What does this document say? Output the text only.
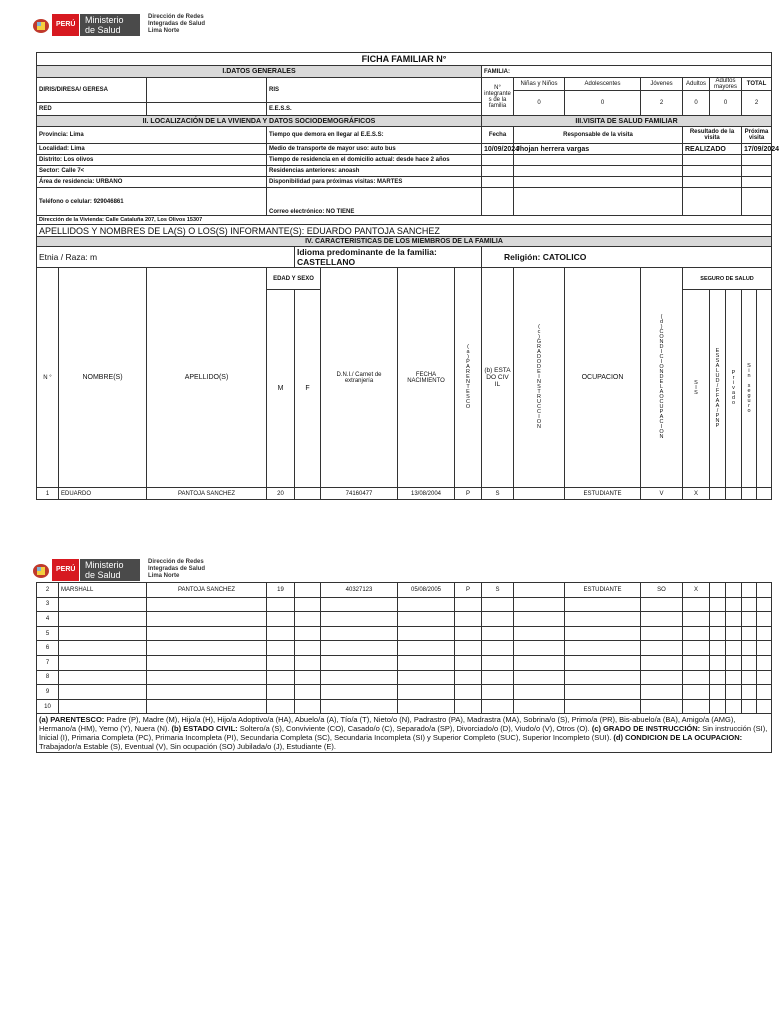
PERÚ	Ministerio
de Salud
Dirección de Redes
Integradas de Salud
Lima Norte
FICHA FAMILIAR N°																
I.DATOS GENERALES								FAMILIA:								
DIRIS/DIRESA/ GERESA			RIS					N° integrante s de la familia	Niñas y Niños	Adolescentes	Jóvenes	Adultos	Adultos mayores		TOTAL	
									0	0	2	0	0		2	
RED			E.E.S.S.													

II. LOCALIZACIÓN DE LA VIVIENDA Y DATOS SOCIODEMOGRÁFICOS								III.VISITA DE SALUD FAMILIAR								
Provincia: Lima			Tiempo que demora en llegar al E.E.S.S:					Fecha	Responsable de la visita			Resultado de la visita			Próxima visita	
Localidad: Lima			Medio de transporte de mayor uso: auto bus					10/09/2024	Jhojan herrera vargas			REALIZADO			17/09/2024	
Distrito: Los olivos			Tiempo de residencia en el domicilio actual: desde hace 2 años													
Sector: Calle 7<			Residencias anteriores: anoash													
Área de residencia: URBANO			Disponibilidad para próximas visitas: MARTES													
Teléfono o celular: 929046861			Correo electrónico: NO TIENE													
Dirección de la Vivienda: Calle Cataluña 207, Los Olivos 15307																
APELLIDOS Y NOMBRES DE LA(S) O LOS(S) INFORMANTE(S): EDUARDO PANTOJA SANCHEZ																
IV. CARACTERISTICAS DE LOS MIEMBROS DE LA FAMILIA																
Etnia / Raza: m				Idioma predominante de la familia: CASTELLANO				Religión: CATOLICO								
N °	NOMBRE(S)	APELLIDO(S)	EDAD Y SEXO		D.N.I./ Carnet de extranjería	FECHA NACIMIENTO	(a)PARENTESCO	(b) ESTA DO CIV IL	(c)GRADODEINSTRUCCION	OCUPACION	(d)CONDICIONDELAOCUPACION	SEGURO DE SALUD				
			M	F								SIS	ESSALUD/FFAA/PNP	Privado	Sin seguro	
1	EDUARDO	PANTOJA SANCHEZ	20		74160477	13/08/2004	P	S		ESTUDIANTE	V	X				
PERÚ	Ministerio
de Salud
Dirección de Redes
Integradas de Salud
Lima Norte
2	MARSHALL	PANTOJA SANCHEZ	19		40327123	05/08/2005	P	S		ESTUDIANTE	SO	X				
3																
4																
5																
6																
7																
8																
9																
10																
(a) PARENTESCO: Padre (P), Madre (M), Hijo/a (H), Hijo/a Adoptivo/a (HA), Abuelo/a (A), Tío/a (T), Nieto/o (N), Padrastro (PA), Madrastra (MA), Sobrina/o (S), Primo/a (PR), Bis-abuelo/a (BA), Amigo/a (AMG), Hermano/a (HM), Yerno (Y), Nuera (N). (b) ESTADO CIVIL: Soltero/a (S), Conviviente (CO), Casado/o (C), Separado/a (SP), Divorciado/o (D), Viudo/o (V), Otros (O). (c) GRADO DE INSTRUCCIÓN: Sin instrucción (SI), Inicial (I), Primaria Completa (PC), Primaria Incompleta (PI), Secundaria Completa (SC), Secundaria Incompleta (SI) y Superior Completo (SUC), Superior Incompleto (SUI). (d) CONDICION DE LA OCUPACION: Trabajador/a Estable (S), Eventual (V), Sin ocupación (SO) Jubilada/o (J), Estudiante (E).																
